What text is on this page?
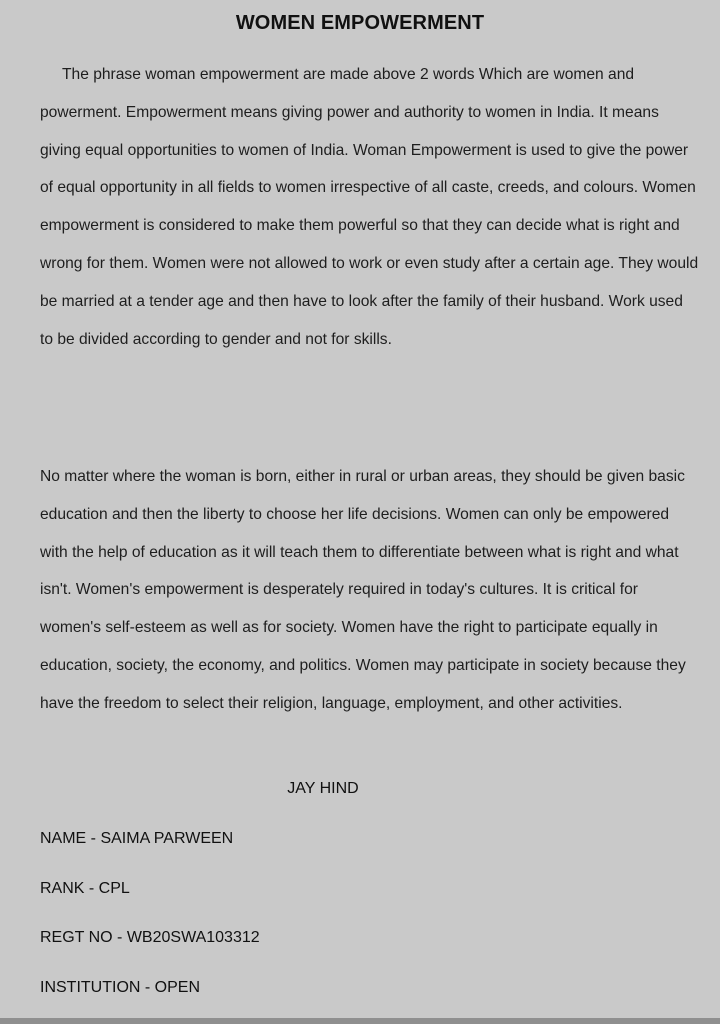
WOMEN EMPOWERMENT

The phrase woman empowerment are made above 2 words Which are women and powerment. Empowerment means giving power and authority to women in India. It means giving equal opportunities to women of India. Woman Empowerment is used to give the power of equal opportunity in all fields to women irrespective of all caste, creeds, and colours. Women empowerment is considered to make them powerful so that they can decide what is right and wrong for them. Women were not allowed to work or even study after a certain age. They would be married at a tender age and then have to look after the family of their husband. Work used to be divided according to gender and not for skills.

No matter where the woman is born, either in rural or urban areas, they should be given basic education and then the liberty to choose her life decisions. Women can only be empowered with the help of education as it will teach them to differentiate between what is right and what isn't. Women's empowerment is desperately required in today's cultures. It is critical for women's self-esteem as well as for society. Women have the right to participate equally in education, society, the economy, and politics. Women may participate in society because they have the freedom to select their religion, language, employment, and other activities.

JAY HIND
NAME - SAIMA PARWEEN
RANK - CPL
REGT NO - WB20SWA103312
INSTITUTION - OPEN
